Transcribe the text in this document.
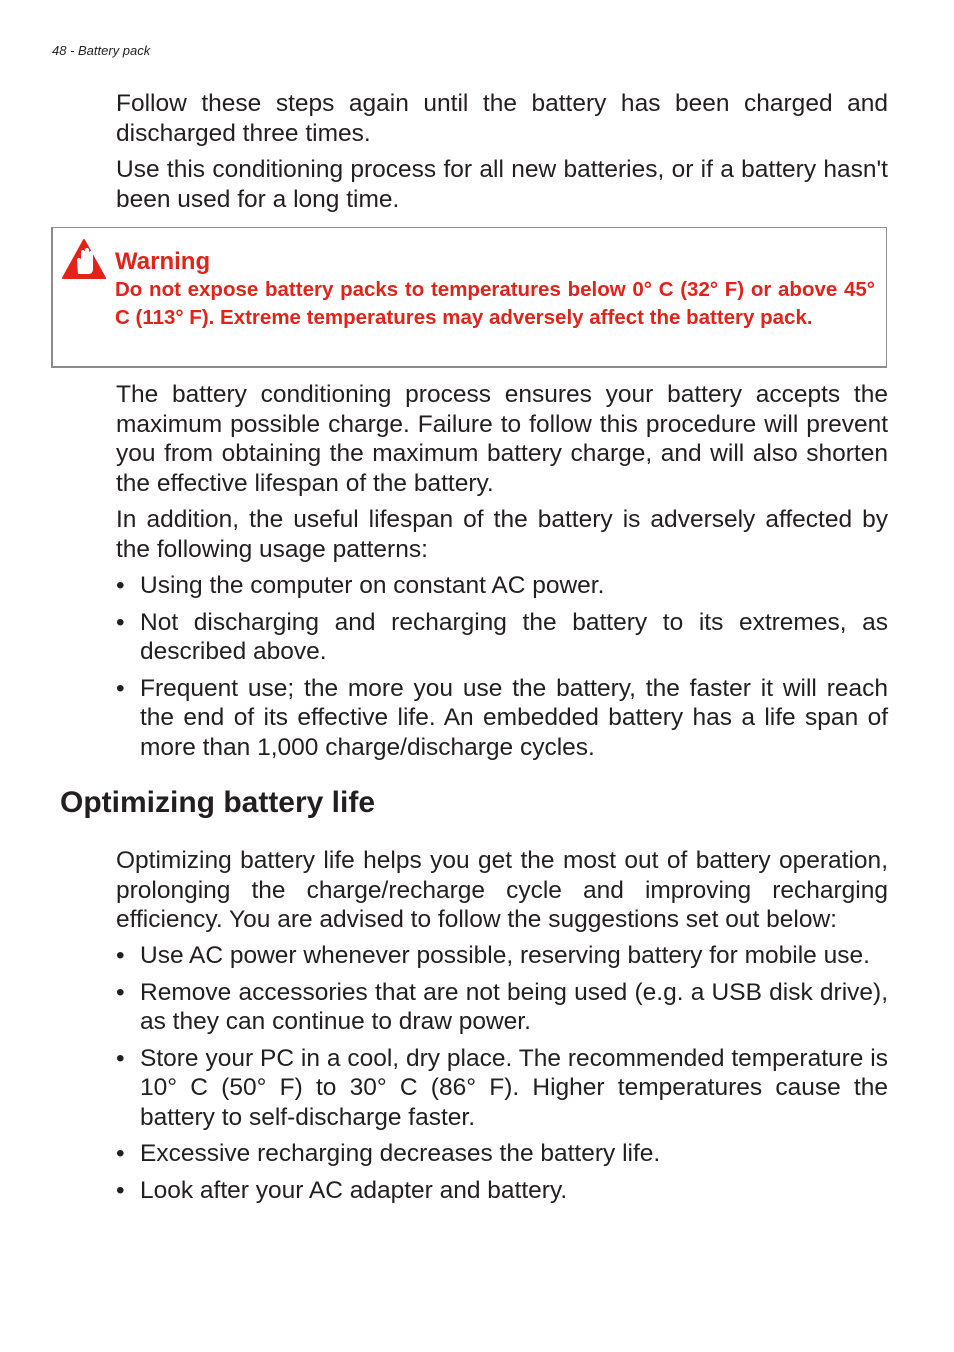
48 - Battery pack

Follow these steps again until the battery has been charged and discharged three times.

Use this conditioning process for all new batteries, or if a battery hasn't been used for a long time.

Warning

Do not expose battery packs to temperatures below 0° C (32° F) or above 45° C (113° F). Extreme temperatures may adversely affect the battery pack.

The battery conditioning process ensures your battery accepts the maximum possible charge. Failure to follow this procedure will prevent you from obtaining the maximum battery charge, and will also shorten the effective lifespan of the battery.

In addition, the useful lifespan of the battery is adversely affected by the following usage patterns:

• Using the computer on constant AC power.
• Not discharging and recharging the battery to its extremes, as described above.
• Frequent use; the more you use the battery, the faster it will reach the end of its effective life. An embedded battery has a life span of more than 1,000 charge/discharge cycles.
Optimizing battery life

Optimizing battery life helps you get the most out of battery operation, prolonging the charge/recharge cycle and improving recharging efficiency. You are advised to follow the suggestions set out below:

• Use AC power whenever possible, reserving battery for mobile use.
• Remove accessories that are not being used (e.g. a USB disk drive), as they can continue to draw power.
• Store your PC in a cool, dry place. The recommended temperature is 10° C (50° F) to 30° C (86° F). Higher temperatures cause the battery to self-discharge faster.
• Excessive recharging decreases the battery life.
• Look after your AC adapter and battery.
